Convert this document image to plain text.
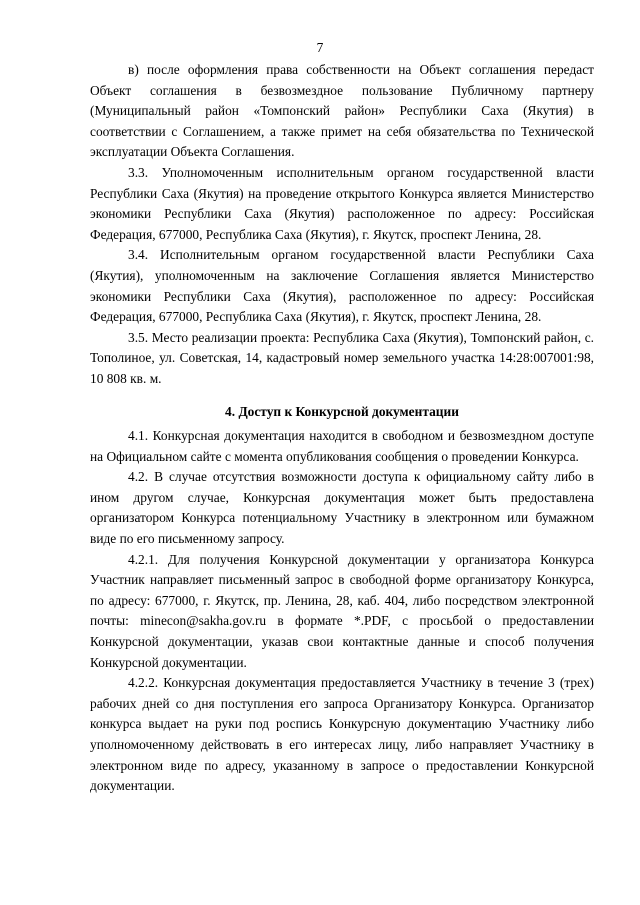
7
в) после оформления права собственности на Объект соглашения передаст Объект соглашения в безвозмездное пользование Публичному партнеру (Муниципальный район «Томпонский район» Республики Саха (Якутия) в соответствии с Соглашением, а также примет на себя обязательства по Технической эксплуатации Объекта Соглашения.
3.3. Уполномоченным исполнительным органом государственной власти Республики Саха (Якутия) на проведение открытого Конкурса является Министерство экономики Республики Саха (Якутия) расположенное по адресу: Российская Федерация, 677000, Республика Саха (Якутия), г. Якутск, проспект Ленина, 28.
3.4. Исполнительным органом государственной власти Республики Саха (Якутия), уполномоченным на заключение Соглашения является Министерство экономики Республики Саха (Якутия), расположенное по адресу: Российская Федерация, 677000, Республика Саха (Якутия), г. Якутск, проспект Ленина, 28.
3.5. Место реализации проекта: Республика Саха (Якутия), Томпонский район, с. Тополиное, ул. Советская, 14, кадастровый номер земельного участка 14:28:007001:98, 10 808 кв. м.
4. Доступ к Конкурсной документации
4.1. Конкурсная документация находится в свободном и безвозмездном доступе на Официальном сайте с момента опубликования сообщения о проведении Конкурса.
4.2. В случае отсутствия возможности доступа к официальному сайту либо в ином другом случае, Конкурсная документация может быть предоставлена организатором Конкурса потенциальному Участнику в электронном или бумажном виде по его письменному запросу.
4.2.1. Для получения Конкурсной документации у организатора Конкурса Участник направляет письменный запрос в свободной форме организатору Конкурса, по адресу: 677000, г. Якутск, пр. Ленина, 28, каб. 404, либо посредством электронной почты: minecon@sakha.gov.ru в формате *.PDF, с просьбой о предоставлении Конкурсной документации, указав свои контактные данные и способ получения Конкурсной документации.
4.2.2. Конкурсная документация предоставляется Участнику в течение 3 (трех) рабочих дней со дня поступления его запроса Организатору Конкурса. Организатор конкурса выдает на руки под роспись Конкурсную документацию Участнику либо уполномоченному действовать в его интересах лицу, либо направляет Участнику в электронном виде по адресу, указанному в запросе о предоставлении Конкурсной документации.
